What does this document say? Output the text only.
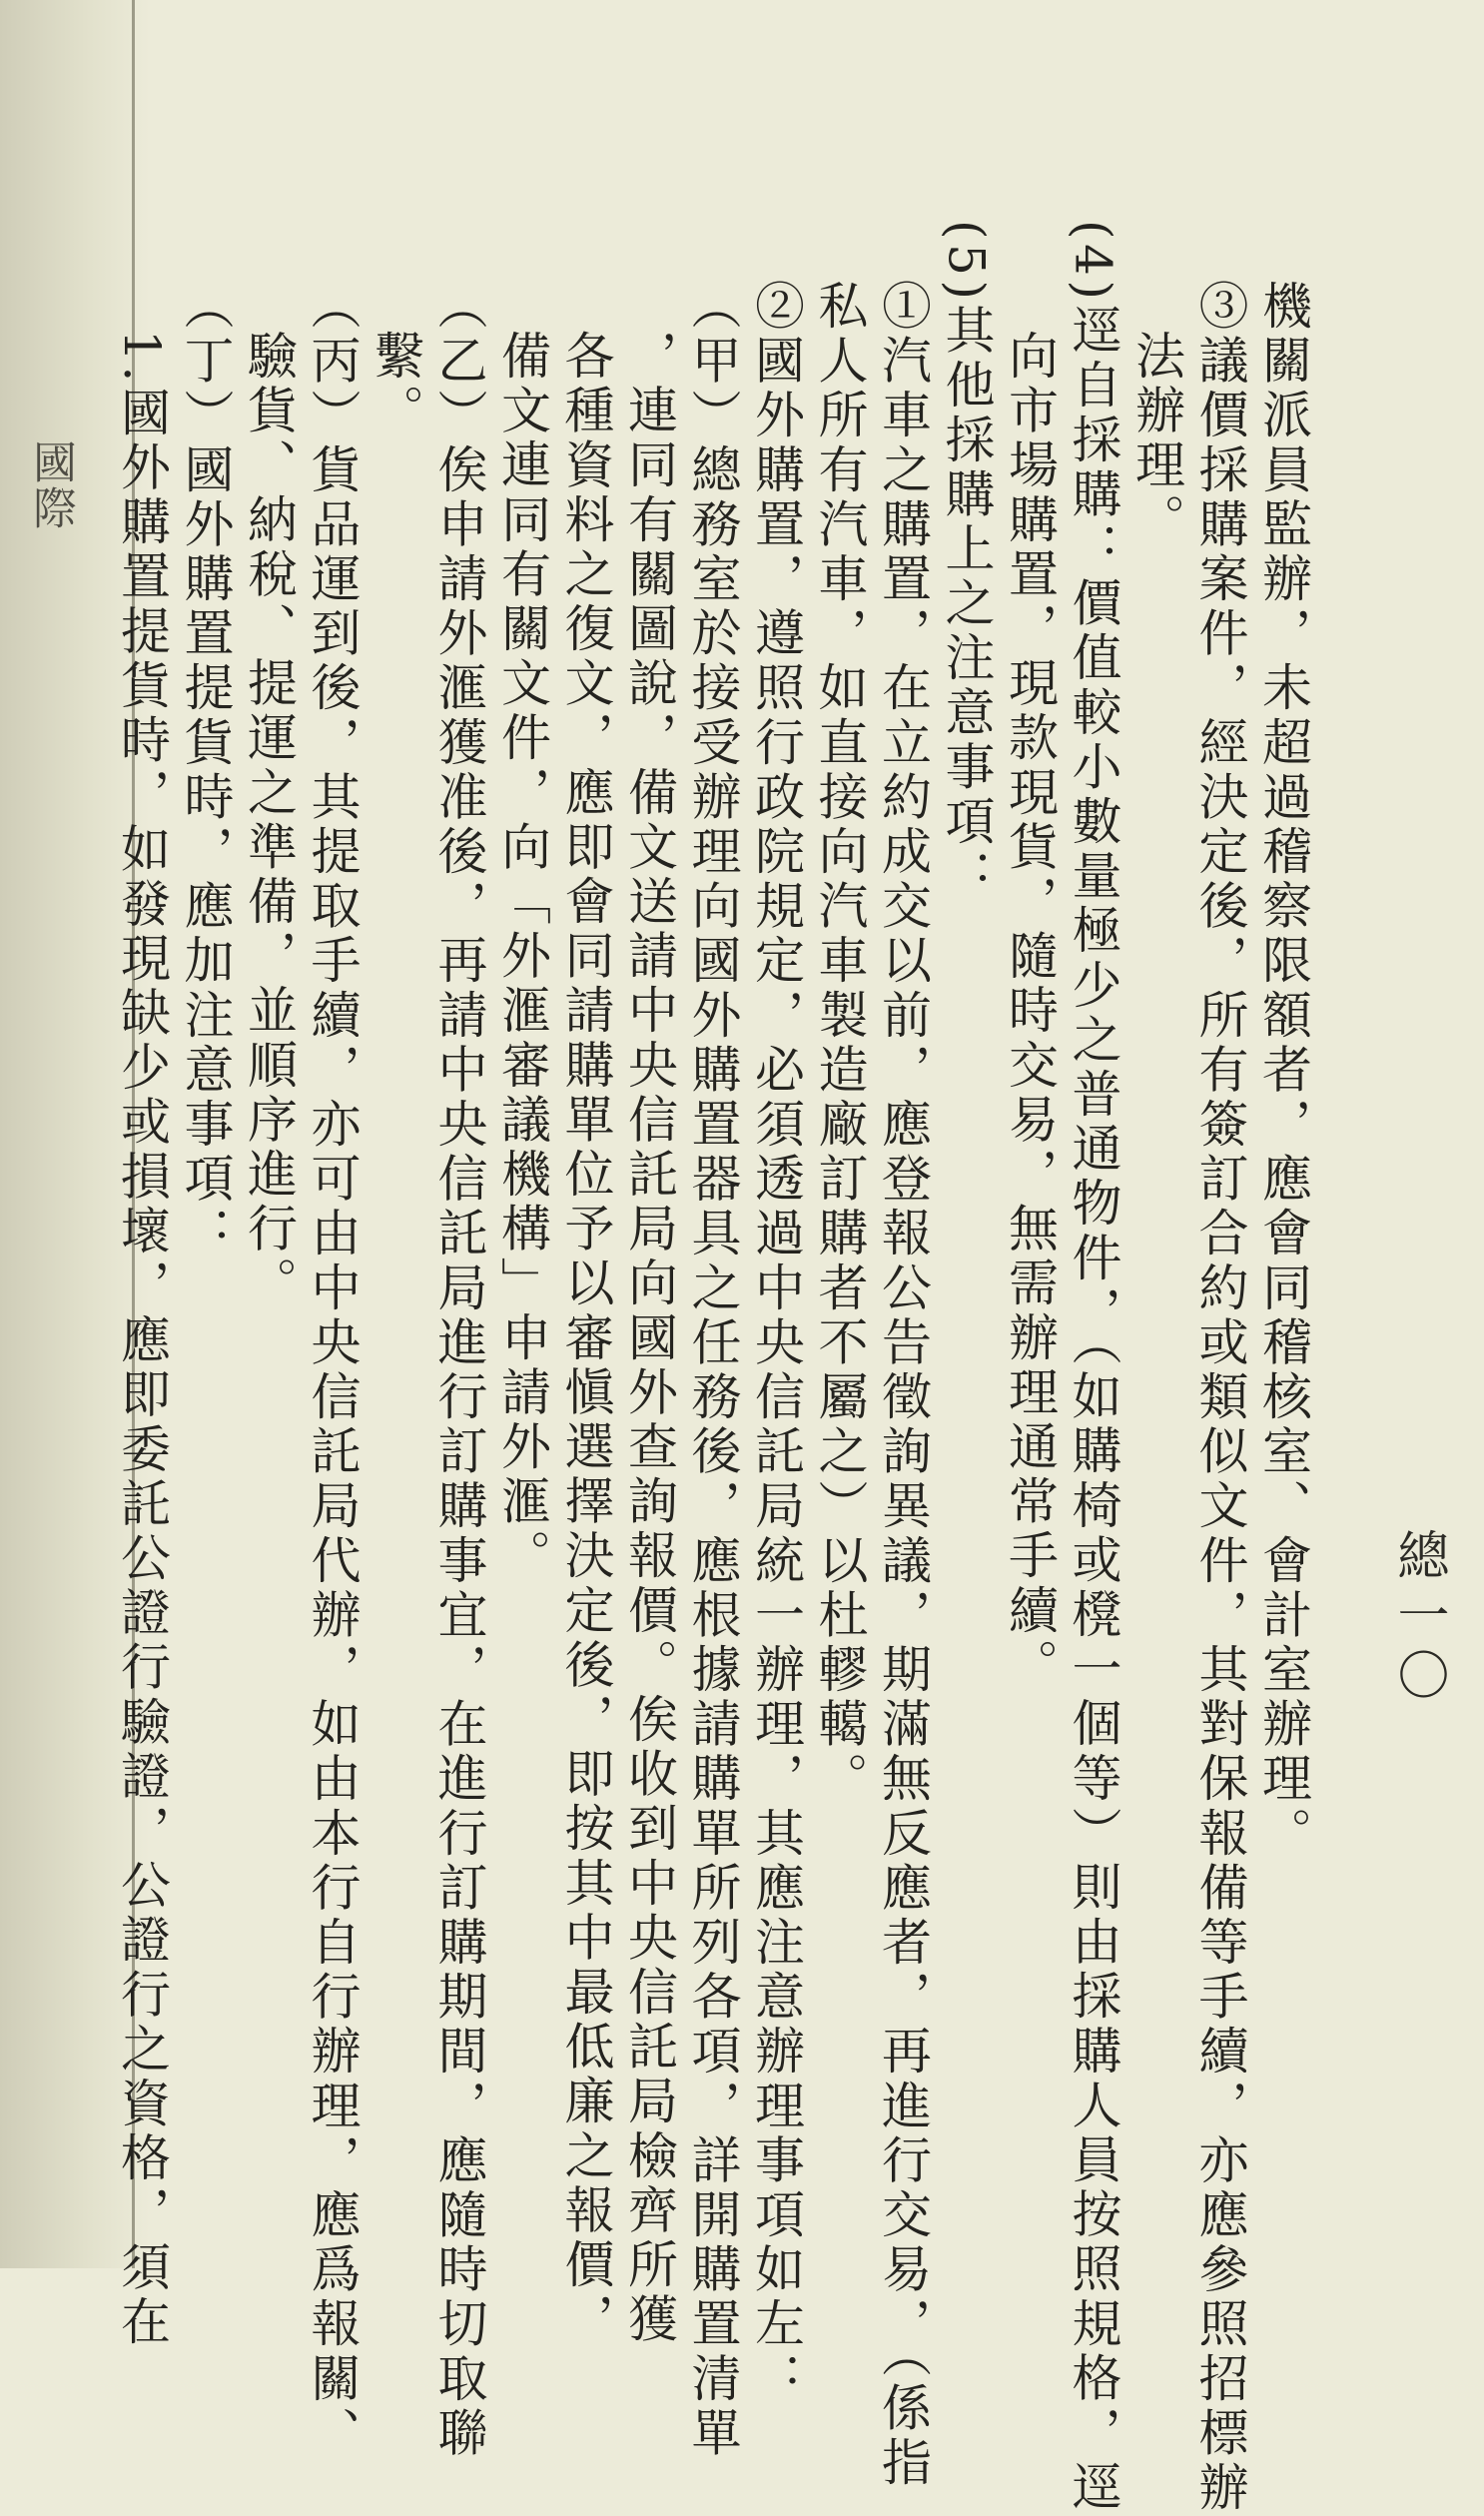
國際
總一〇
機關派員監辦，未超過稽察限額者，應會同稽核室、會計室辦理。
③議價採購案件，經決定後，所有簽訂合約或類似文件，其對保報備等手續，亦應參照招標辦
法辦理。
(4)逕自採購：價值較小數量極少之普通物件，（如購椅或櫈一個等）則由採購人員按照規格，逕
向市場購置，現款現貨，隨時交易，無需辦理通常手續。
(5)其他採購上之注意事項：
①汽車之購置，在立約成交以前，應登報公告徵詢異議，期滿無反應者，再進行交易，（係指
私人所有汽車，如直接向汽車製造廠訂購者不屬之）以杜轇轕。
②國外購置，遵照行政院規定，必須透過中央信託局統一辦理，其應注意辦理事項如左：
（甲）總務室於接受辦理向國外購置器具之任務後，應根據請購單所列各項，詳開購置清單
，連同有關圖說，備文送請中央信託局向國外查詢報價。俟收到中央信託局檢齊所獲
各種資料之復文，應即會同請購單位予以審愼選擇決定後，即按其中最低廉之報價，
備文連同有關文件，向「外滙審議機構」申請外滙。
（乙）俟申請外滙獲准後，再請中央信託局進行訂購事宜，在進行訂購期間，應隨時切取聯
繫。
（丙）貨品運到後，其提取手續，亦可由中央信託局代辦，如由本行自行辦理，應爲報關、
驗貨、納稅、提運之準備，並順序進行。
（丁）國外購置提貨時，應加注意事項：
1.國外購置提貨時，如發現缺少或損壞，應即委託公證行驗證，公證行之資格，須在
